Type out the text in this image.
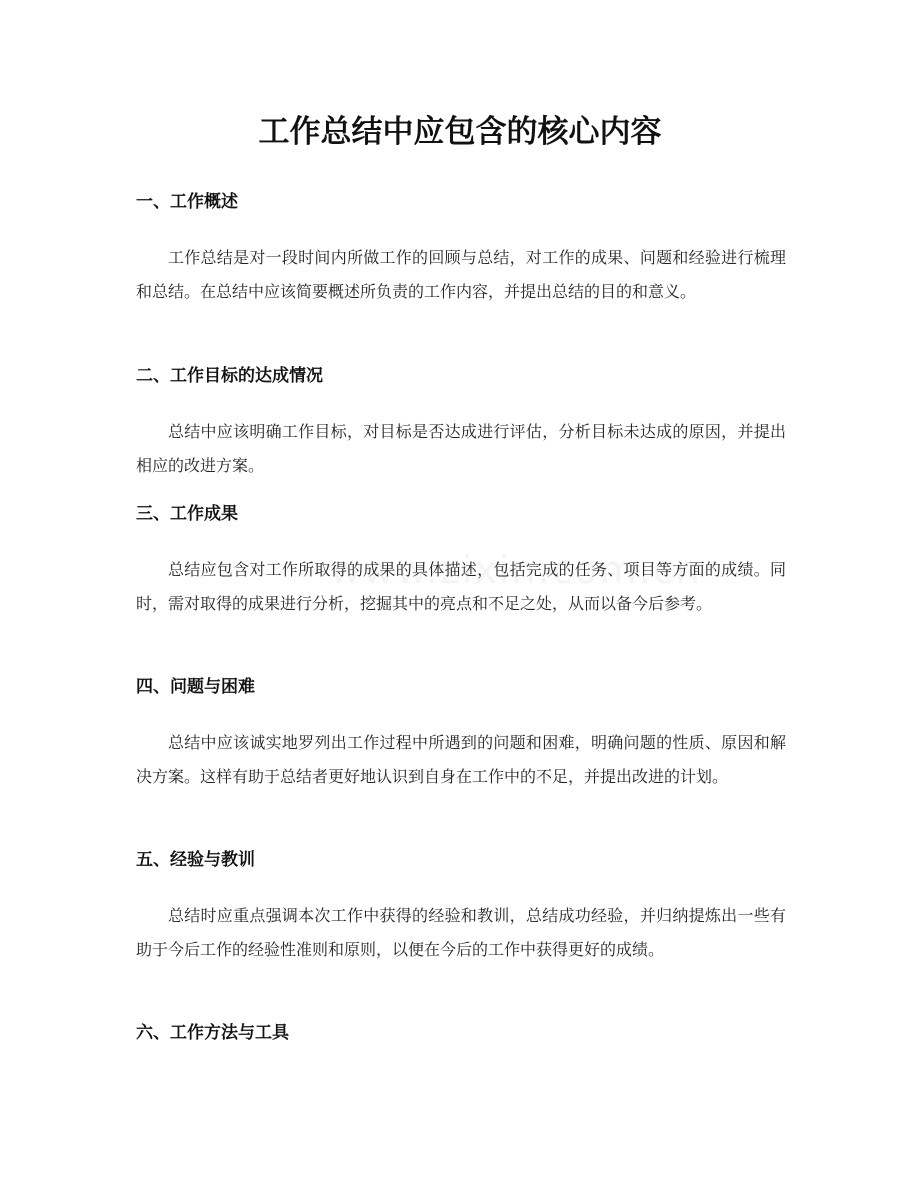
工作总结中应包含的核心内容
一、工作概述

工作总结是对一段时间内所做工作的回顾与总结，对工作的成果、问题和经验进行梳理和总结。在总结中应该简要概述所负责的工作内容，并提出总结的目的和意义。

二、工作目标的达成情况

总结中应该明确工作目标，对目标是否达成进行评估，分析目标未达成的原因，并提出相应的改进方案。

三、工作成果

总结应包含对工作所取得的成果的具体描述，包括完成的任务、项目等方面的成绩。同时，需对取得的成果进行分析，挖掘其中的亮点和不足之处，从而以备今后参考。

四、问题与困难

总结中应该诚实地罗列出工作过程中所遇到的问题和困难，明确问题的性质、原因和解决方案。这样有助于总结者更好地认识到自身在工作中的不足，并提出改进的计划。

五、经验与教训

总结时应重点强调本次工作中获得的经验和教训，总结成功经验，并归纳提炼出一些有助于今后工作的经验性准则和原则，以便在今后的工作中获得更好的成绩。

六、工作方法与工具
